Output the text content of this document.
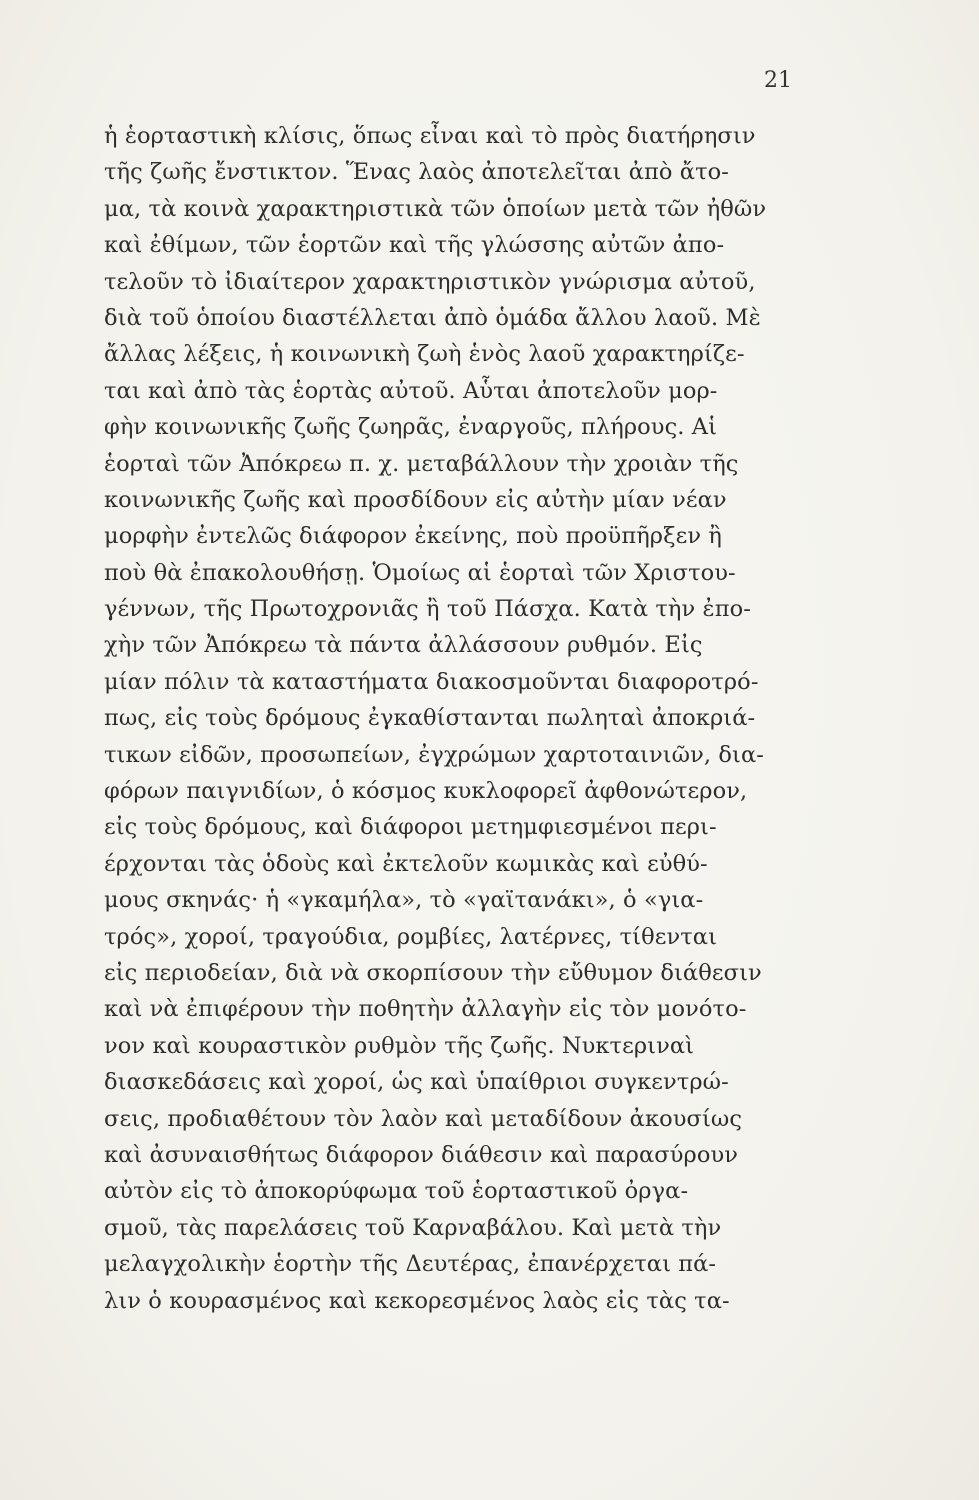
21
ἡ ἑορταστικὴ κλίσις, ὅπως εἶναι καὶ τὸ πρὸς διατήρησιν
τῆς ζωῆς ἔνστικτον. Ἕνας λαὸς ἀποτελεῖται ἀπὸ ἄτο-
μα, τὰ κοινὰ χαρακτηριστικὰ τῶν ὁποίων μετὰ τῶν ἠθῶν
καὶ ἐθίμων, τῶν ἑορτῶν καὶ τῆς γλώσσης αὐτῶν ἀπο-
τελοῦν τὸ ἰδιαίτερον χαρακτηριστικὸν γνώρισμα αὐτοῦ,
διὰ τοῦ ὁποίου διαστέλλεται ἀπὸ ὁμάδα ἄλλου λαοῦ. Μὲ
ἄλλας λέξεις, ἡ κοινωνικὴ ζωὴ ἑνὸς λαοῦ χαρακτηρίζε-
ται καὶ ἀπὸ τὰς ἑορτὰς αὐτοῦ. Αὗται ἀποτελοῦν μορ-
φὴν κοινωνικῆς ζωῆς ζωηρᾶς, ἐναργοῦς, πλήρους. Αἱ
ἑορταὶ τῶν Ἀπόκρεω π. χ. μεταβάλλουν τὴν χροιὰν τῆς
κοινωνικῆς ζωῆς καὶ προσδίδουν εἰς αὐτὴν μίαν νέαν
μορφὴν ἐντελῶς διάφορον ἐκείνης, ποὺ προϋπῆρξεν ἢ
ποὺ θὰ ἐπακολουθήσῃ. Ὁμοίως αἱ ἑορταὶ τῶν Χριστου-
γέννων, τῆς Πρωτοχρονιᾶς ἢ τοῦ Πάσχα. Κατὰ τὴν ἐπο-
χὴν τῶν Ἀπόκρεω τὰ πάντα ἀλλάσσουν ρυθμόν. Εἰς
μίαν πόλιν τὰ καταστήματα διακοσμοῦνται διαφοροτρό-
πως, εἰς τοὺς δρόμους ἐγκαθίστανται πωληταὶ ἀποκριά-
τικων εἰδῶν, προσωπείων, ἐγχρώμων χαρτοταινιῶν, δια-
φόρων παιγνιδίων, ὁ κόσμος κυκλοφορεῖ ἀφθονώτερον,
εἰς τοὺς δρόμους, καὶ διάφοροι μετημφιεσμένοι περι-
έρχονται τὰς ὁδοὺς καὶ ἐκτελοῦν κωμικὰς καὶ εὐθύ-
μους σκηνάς· ἡ «γκαμήλα», τὸ «γαϊτανάκι», ὁ «για-
τρός», χοροί, τραγούδια, ρομβίες, λατέρνες, τίθενται
εἰς περιοδείαν, διὰ νὰ σκορπίσουν τὴν εὔθυμον διάθεσιν
καὶ νὰ ἐπιφέρουν τὴν ποθητὴν ἀλλαγὴν εἰς τὸν μονότο-
νον καὶ κουραστικὸν ρυθμὸν τῆς ζωῆς. Νυκτεριναὶ
διασκεδάσεις καὶ χοροί, ὡς καὶ ὑπαίθριοι συγκεντρώ-
σεις, προδιαθέτουν τὸν λαὸν καὶ μεταδίδουν ἀκουσίως
καὶ ἀσυναισθήτως διάφορον διάθεσιν καὶ παρασύρουν
αὐτὸν εἰς τὸ ἀποκορύφωμα τοῦ ἑορταστικοῦ ὀργα-
σμοῦ, τὰς παρελάσεις τοῦ Καρναβάλου. Καὶ μετὰ τὴν
μελαγχολικὴν ἑορτὴν τῆς Δευτέρας, ἐπανέρχεται πά-
λιν ὁ κουρασμένος καὶ κεκορεσμένος λαὸς εἰς τὰς τα-
